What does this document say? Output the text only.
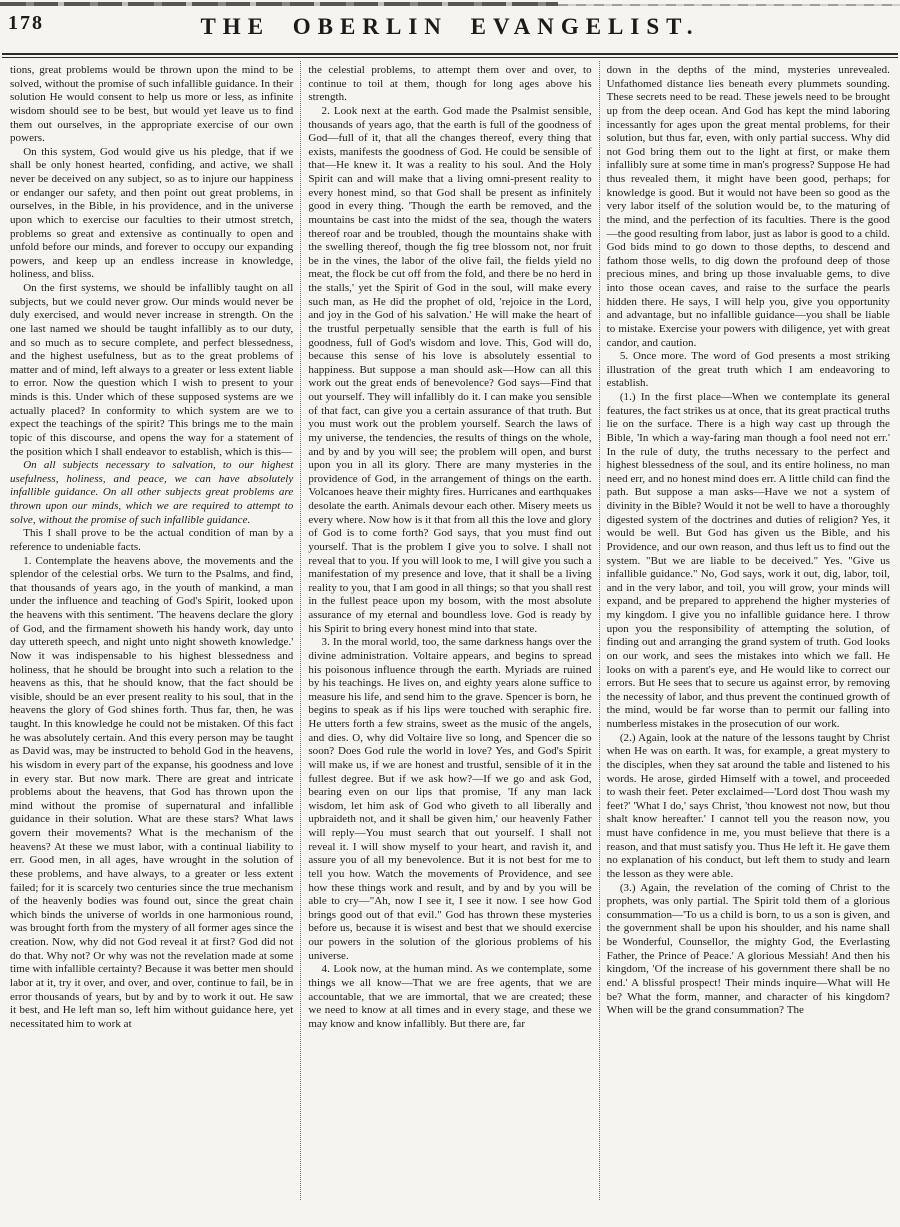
178	THE OBERLIN EVANGELIST.

tions, great problems would be thrown upon the mind to be solved, without the promise of such infallible guidance. In their solution He would consent to help us more or less, as infinite wisdom should see to be best, but would yet leave us to find them out ourselves, in the appropriate exercise of our own powers.

On this system, God would give us his pledge, that if we shall be only honest hearted, confiding, and active, we shall never be deceived on any subject, so as to injure our happiness or endanger our safety, and then point out great problems, in ourselves, in the Bible, in his providence, and in the universe upon which to exercise our faculties to their utmost stretch, problems so great and extensive as continually to open and unfold before our minds, and forever to occupy our expanding powers, and keep up an endless increase in knowledge, holiness, and bliss.

On the first systems, we should be infallibly taught on all subjects, but we could never grow. Our minds would never be duly exercised, and would never increase in strength. On the one last named we should be taught infallibly as to our duty, and so much as to secure complete, and perfect blessedness, and the highest usefulness, but as to the great problems of matter and of mind, left always to a greater or less extent liable to error. Now the question which I wish to present to your minds is this. Under which of these supposed systems are we actually placed? In conformity to which system are we to expect the teachings of the spirit? This brings me to the main topic of this discourse, and opens the way for a statement of the position which I shall endeavor to establish, which is this—

On all subjects necessary to salvation, to our highest usefulness, holiness, and peace, we can have absolutely infallible guidance. On all other subjects great problems are thrown upon our minds, which we are required to attempt to solve, without the promise of such infallible guidance.

This I shall prove to be the actual condition of man by a reference to undeniable facts.

1. Contemplate the heavens above, the movements and the splendor of the celestial orbs. We turn to the Psalms, and find, that thousands of years ago, in the youth of mankind, a man under the influence and teaching of God's Spirit, looked upon the heavens with this sentiment. 'The heavens declare the glory of God, and the firmament showeth his handy work, day unto day uttereth speech, and night unto night showeth knowledge.' Now it was indispensable to his highest blessedness and holiness, that he should be brought into such a relation to the heavens as this, that he should know, that the fact should be visible, should be an ever present reality to his soul, that in the heavens the glory of God shines forth. Thus far, then, he was taught. In this knowledge he could not be mistaken. Of this fact he was absolutely certain. And this every person may be taught as David was, may be instructed to behold God in the heavens, his wisdom in every part of the expanse, his goodness and love in every star. But now mark. There are great and intricate problems about the heavens, that God has thrown upon the mind without the promise of supernatural and infallible guidance in their solution. What are these stars? What laws govern their movements? What is the mechanism of the heavens? At these we must labor, with a continual liability to err. Good men, in all ages, have wrought in the solution of these problems, and have always, to a greater or less extent failed; for it is scarcely two centuries since the true mechanism of the heavenly bodies was found out, since the great chain which binds the universe of worlds in one harmonious round, was brought forth from the mystery of all former ages since the creation. Now, why did not God reveal it at first? God did not do that. Why not? Or why was not the revelation made at some time with infallible certainty? Because it was better men should labor at it, try it over, and over, and over, continue to fail, be in error thousands of years, but by and by to work it out. He saw it best, and He left man so, left him without guidance here, yet necessitated him to work at

the celestial problems, to attempt them over and over, to continue to toil at them, though for long ages above his strength.

2. Look next at the earth. God made the Psalmist sensible, thousands of years ago, that the earth is full of the goodness of God—full of it, that all the changes thereof, every thing that exists, manifests the goodness of God. He could be sensible of that—He knew it. It was a reality to his soul. And the Holy Spirit can and will make that a living omni-present reality to every honest mind, so that God shall be present as infinitely good in every thing. 'Though the earth be removed, and the mountains be cast into the midst of the sea, though the waters thereof roar and be troubled, though the mountains shake with the swelling thereof, though the fig tree blossom not, nor fruit be in the vines, the labor of the olive fail, the fields yield no meat, the flock be cut off from the fold, and there be no herd in the stalls,' yet the Spirit of God in the soul, will make every such man, as He did the prophet of old, 'rejoice in the Lord, and joy in the God of his salvation.' He will make the heart of the trustful perpetually sensible that the earth is full of his goodness, full of God's wisdom and love. This, God will do, because this sense of his love is absolutely essential to happiness. But suppose a man should ask—How can all this work out the great ends of benevolence? God says—Find that out yourself. They will infallibly do it. I can make you sensible of that fact, can give you a certain assurance of that truth. But you must work out the problem yourself. Search the laws of my universe, the tendencies, the results of things on the whole, and by and by you will see; the problem will open, and burst upon you in all its glory. There are many mysteries in the providence of God, in the arrangement of things on the earth. Volcanoes heave their mighty fires. Hurricanes and earthquakes desolate the earth. Animals devour each other. Misery meets us every where. Now how is it that from all this the love and glory of God is to come forth? God says, that you must find out yourself. That is the problem I give you to solve. I shall not reveal that to you. If you will look to me, I will give you such a manifestation of my presence and love, that it shall be a living reality to you, that I am good in all things; so that you shall rest in the fullest peace upon my bosom, with the most absolute assurance of my eternal and boundless love. God is ready by his Spirit to bring every honest mind into that state.

3. In the moral world, too, the same darkness hangs over the divine administration. Voltaire appears, and begins to spread his poisonous influence through the earth. Myriads are ruined by his teachings. He lives on, and eighty years alone suffice to measure his life, and send him to the grave. Spencer is born, he begins to speak as if his lips were touched with seraphic fire. He utters forth a few strains, sweet as the music of the angels, and dies. O, why did Voltaire live so long, and Spencer die so soon? Does God rule the world in love? Yes, and God's Spirit will make us, if we are honest and trustful, sensible of it in the fullest degree. But if we ask how?—If we go and ask God, bearing even on our lips that promise, 'If any man lack wisdom, let him ask of God who giveth to all liberally and upbraideth not, and it shall be given him,' our heavenly Father will reply—You must search that out yourself. I shall not reveal it. I will show myself to your heart, and ravish it, and assure you of all my benevolence. But it is not best for me to tell you how. Watch the movements of Providence, and see how these things work and result, and by and by you will be able to cry—"Ah, now I see it, I see it now. I see how God brings good out of that evil." God has thrown these mysteries before us, because it is wisest and best that we should exercise our powers in the solution of the glorious problems of his universe.

4. Look now, at the human mind. As we contemplate, some things we all know—That we are free agents, that we are accountable, that we are immortal, that we are created; these we need to know at all times and in every stage, and these we may know and know infallibly. But there are, far

down in the depths of the mind, mysteries unrevealed. Unfathomed distance lies beneath every plummets sounding. These secrets need to be read. These jewels need to be brought up from the deep ocean. And God has kept the mind laboring incessantly for ages upon the great mental problems, for their solution, but thus far, even, with only partial success. Why did not God bring them out to the light at first, or make them infallibly sure at some time in man's progress? Suppose He had thus revealed them, it might have been good, perhaps; for knowledge is good. But it would not have been so good as the very labor itself of the solution would be, to the maturing of the mind, and the perfection of its faculties. There is the good—the good resulting from labor, just as labor is good to a child. God bids mind to go down to those depths, to descend and fathom those wells, to dig down the profound deep of those precious mines, and bring up those invaluable gems, to dive into those ocean caves, and raise to the surface the pearls hidden there. He says, I will help you, give you opportunity and advantage, but no infallible guidance—you shall be liable to mistake. Exercise your powers with diligence, yet with great candor, and caution.

5. Once more. The word of God presents a most striking illustration of the great truth which I am endeavoring to establish.

(1.) In the first place—When we contemplate its general features, the fact strikes us at once, that its great practical truths lie on the surface. There is a high way cast up through the Bible, 'In which a way-faring man though a fool need not err.' In the rule of duty, the truths necessary to the perfect and highest blessedness of the soul, and its entire holiness, no man need err, and no honest mind does err. A little child can find the path. But suppose a man asks—Have we not a system of divinity in the Bible? Would it not be well to have a thoroughly digested system of the doctrines and duties of religion? Yes, it would be well. But God has given us the Bible, and his Providence, and our own reason, and thus left us to find out the system. "But we are liable to be deceived." Yes. "Give us infallible guidance." No, God says, work it out, dig, labor, toil, and in the very labor, and toil, you will grow, your minds will expand, and be prepared to apprehend the higher mysteries of my kingdom. I give you no infallible guidance here. I throw upon you the responsibility of attempting the solution, of finding out and arranging the grand system of truth. God looks on our work, and sees the mistakes into which we fall. He looks on with a parent's eye, and He would like to correct our errors. But He sees that to secure us against error, by removing the necessity of labor, and thus prevent the continued growth of the mind, would be far worse than to permit our falling into numberless mistakes in the prosecution of our work.

(2.) Again, look at the nature of the lessons taught by Christ when He was on earth. It was, for example, a great mystery to the disciples, when they sat around the table and listened to his words. He arose, girded Himself with a towel, and proceeded to wash their feet. Peter exclaimed—'Lord dost Thou wash my feet?' 'What I do,' says Christ, 'thou knowest not now, but thou shalt know hereafter.' I cannot tell you the reason now, you must have confidence in me, you must believe that there is a reason, and that must satisfy you. Thus He left it. He gave them no explanation of his conduct, but left them to study and learn the lesson as they were able.

(3.) Again, the revelation of the coming of Christ to the prophets, was only partial. The Spirit told them of a glorious consummation—'To us a child is born, to us a son is given, and the government shall be upon his shoulder, and his name shall be Wonderful, Counsellor, the mighty God, the Everlasting Father, the Prince of Peace.' A glorious Messiah! And then his kingdom, 'Of the increase of his government there shall be no end.' A blissful prospect! Their minds inquire—What will He be? What the form, manner, and character of his kingdom? When will be the grand consummation? The
